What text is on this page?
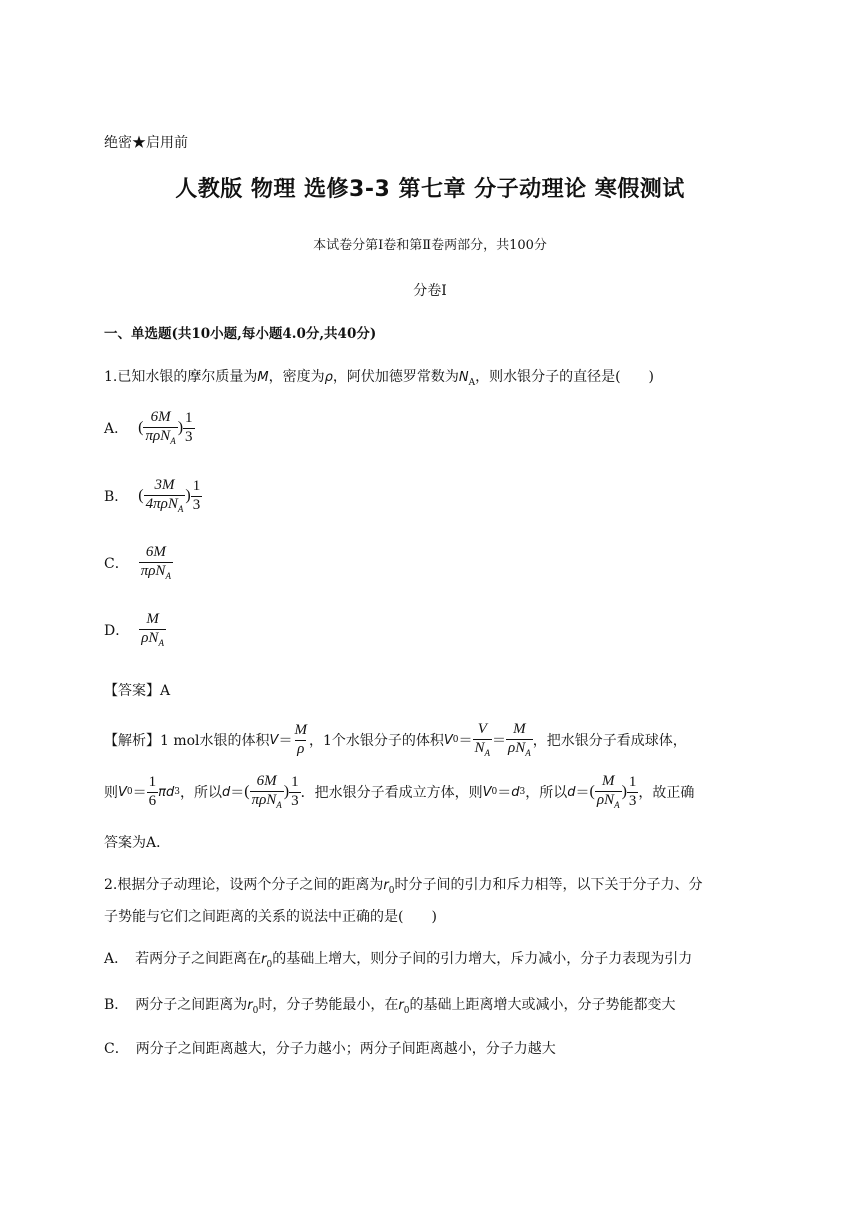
绝密★启用前
人教版 物理 选修3-3 第七章 分子动理论 寒假测试
本试卷分第Ⅰ卷和第Ⅱ卷两部分，共100分
分卷I
一、单选题(共10小题,每小题4.0分,共40分)
1.已知水银的摩尔质量为M，密度为ρ，阿伏加德罗常数为$N_A$，则水银分子的直径是(　　)
A． ( $\frac{6M}{\pi\rho N_A}$ ) $\frac{1}{3}$
B． ( $\frac{3M}{4\pi\rho N_A}$ ) $\frac{1}{3}$
C． $\frac{6M}{\pi\rho N_A}$
D． $\frac{M}{\rho N_A}$
【答案】A
【解析】1 mol水银的体积 $V = \frac{M}{\rho}$ ，1个水银分子的体积 V $0 = \frac{V}{N_A} = \frac{M}{\rho N_A}$ ，把水银分子看成球体，
则 V $0 = \frac{1}{6}$ πd 3 ，所以 d ＝ ( $\frac{6M}{\pi\rho N_A}$ ) $\frac{1}{3}$ ．把水银分子看成立方体，则 V 0 ＝ d 3 ，所以 d ＝ ( $\frac{M}{\rho N_A}$ ) $\frac{1}{3}$ ，故正确
答案为A．
2.根据分子动理论，设两个分子之间的距离为$r_0$时分子间的引力和斥力相等，以下关于分子力、分
子势能与它们之间距离的关系的说法中正确的是(　　)
A．　若两分子之间距离在$r_0$的基础上增大，则分子间的引力增大，斥力减小，分子力表现为引力
B．　两分子之间距离为$r_0$时，分子势能最小，在$r_0$的基础上距离增大或减小，分子势能都变大
C．　两分子之间距离越大，分子力越小；两分子间距离越小，分子力越大
